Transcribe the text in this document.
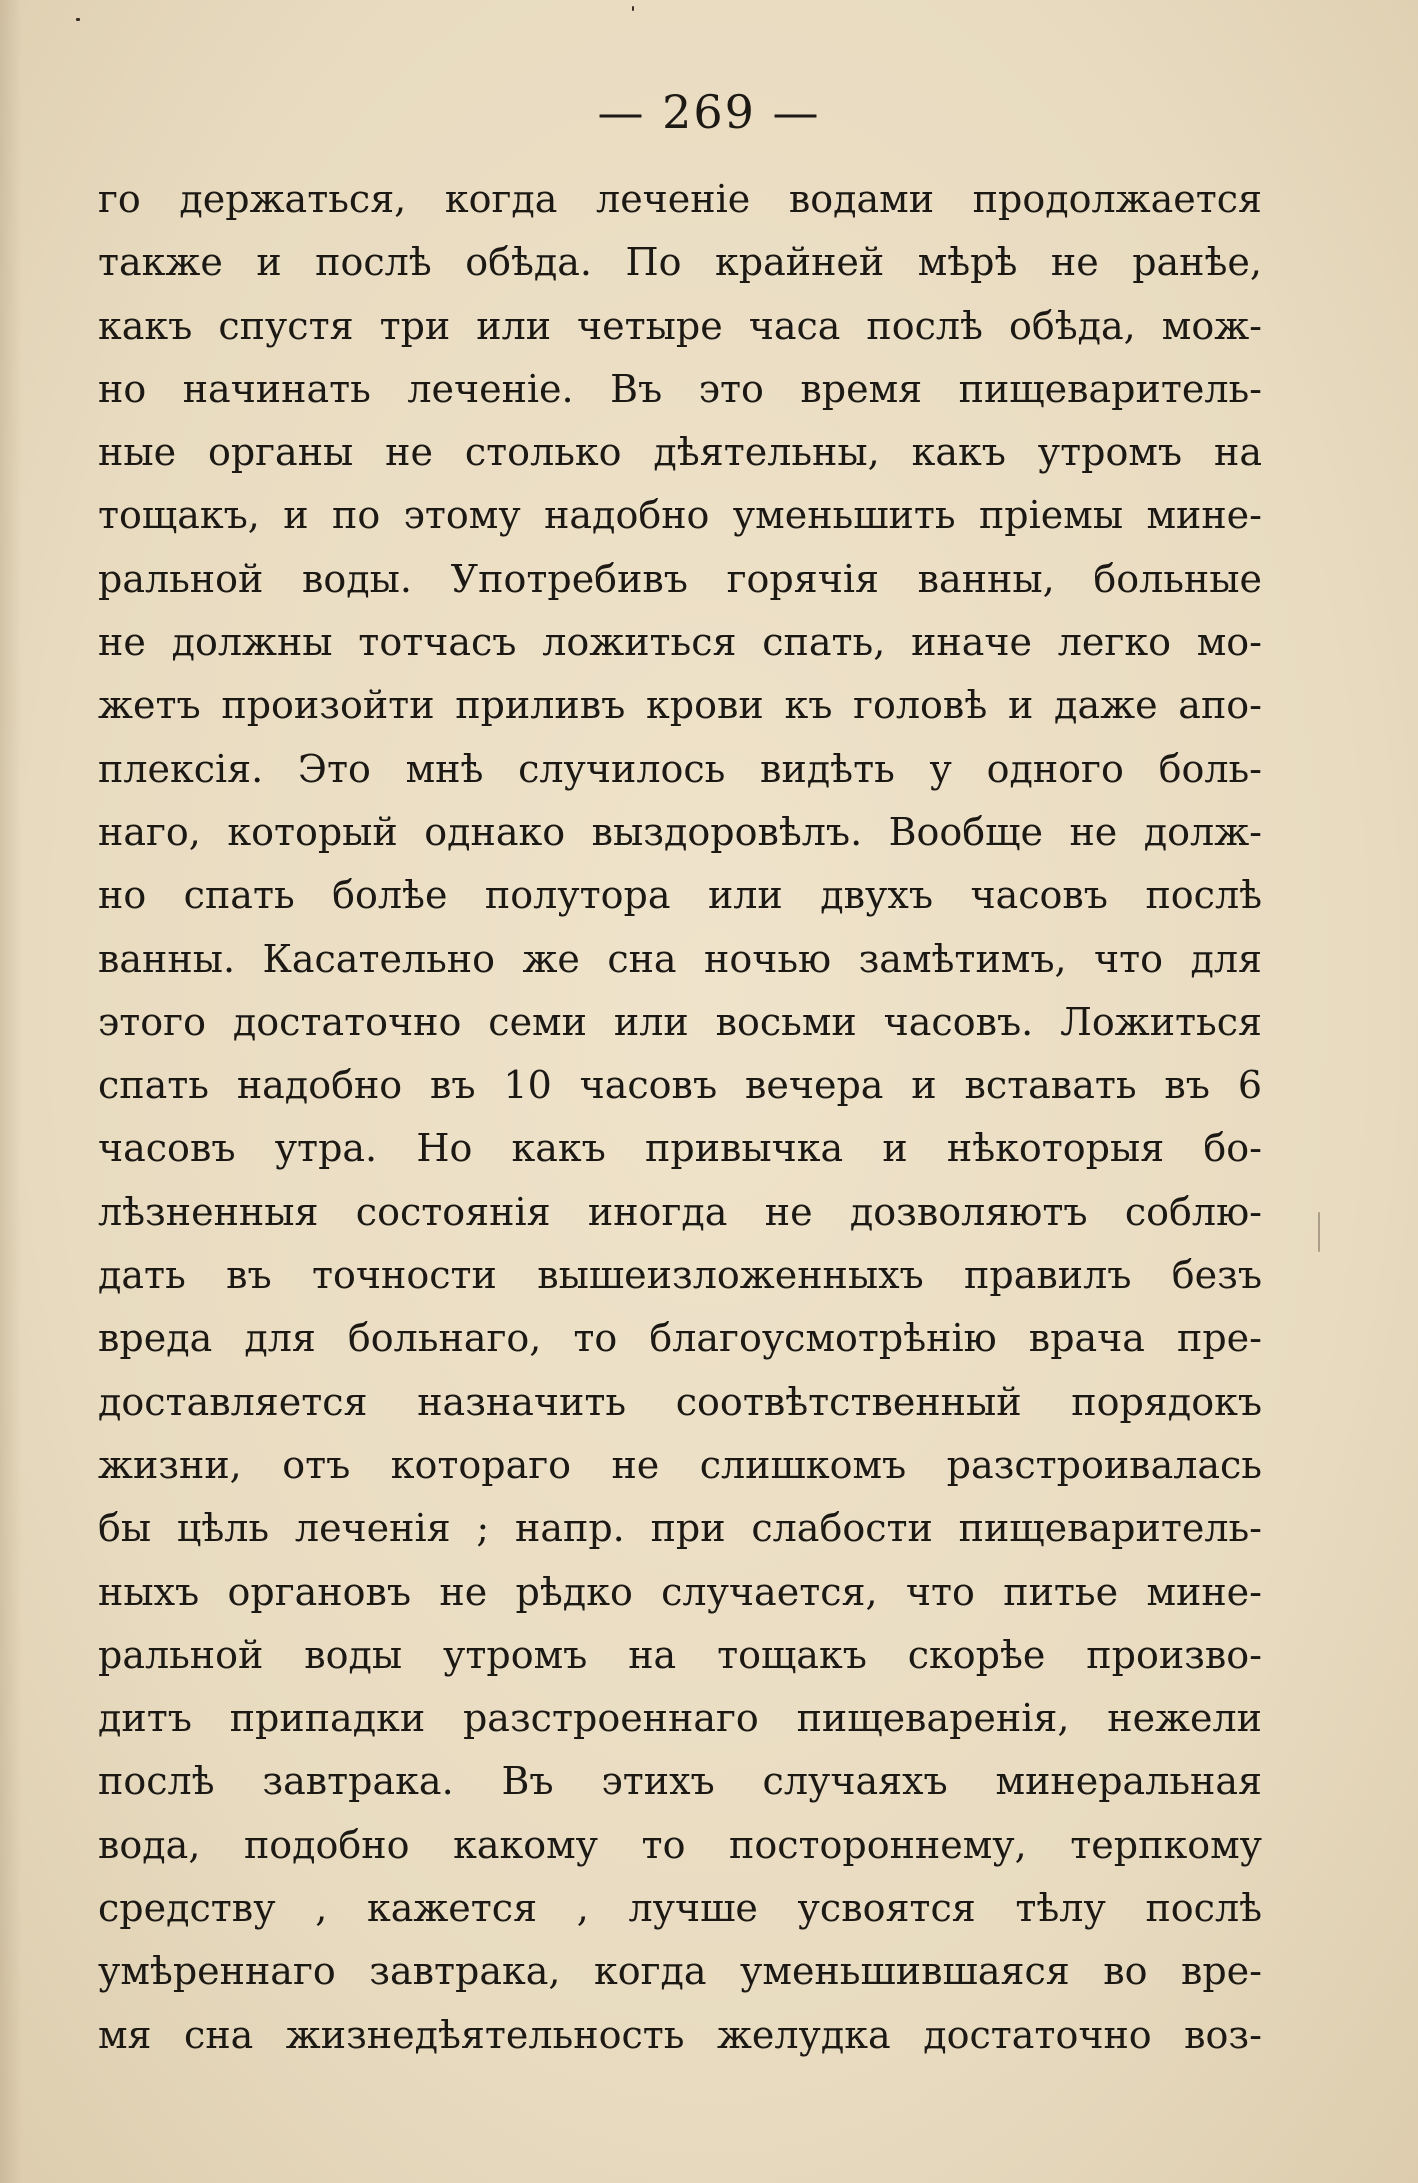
— 269 —
го держаться, когда леченіе водами продолжается
также и послѣ обѣда. По крайней мѣрѣ не ранѣе,
какъ спустя три или четыре часа послѣ обѣда, мож-
но начинать леченіе. Въ это время пищеваритель-
ные органы не столько дѣятельны, какъ утромъ на
тощакъ, и по этому надобно уменьшить пріемы мине-
ральной воды. Употребивъ горячія ванны, больные
не должны тотчасъ ложиться спать, иначе легко мо-
жетъ произойти приливъ крови къ головѣ и даже апо-
плексія. Это мнѣ случилось видѣть у одного боль-
наго, который однако выздоровѣлъ. Вообще не долж-
но спать болѣе полутора или двухъ часовъ послѣ
ванны. Касательно же сна ночью замѣтимъ, что для
этого достаточно семи или восьми часовъ. Ложиться
спать надобно въ 10 часовъ вечера и вставать въ 6
часовъ утра. Но какъ привычка и нѣкоторыя бо-
лѣзненныя состоянія иногда не дозволяютъ соблю-
дать въ точности вышеизложенныхъ правилъ безъ
вреда для больнаго, то благоусмотрѣнію врача пре-
доставляется назначить соотвѣтственный порядокъ
жизни, отъ котораго не слишкомъ разстроивалась
бы цѣль леченія ; напр. при слабости пищеваритель-
ныхъ органовъ не рѣдко случается, что питье мине-
ральной воды утромъ на тощакъ скорѣе произво-
дитъ припадки разстроеннаго пищеваренія, нежели
послѣ завтрака. Въ этихъ случаяхъ минеральная
вода, подобно какому то постороннему, терпкому
средству , кажется , лучше усвоятся тѣлу послѣ
умѣреннаго завтрака, когда уменьшившаяся во вре-
мя сна жизнедѣятельность желудка достаточно воз-
